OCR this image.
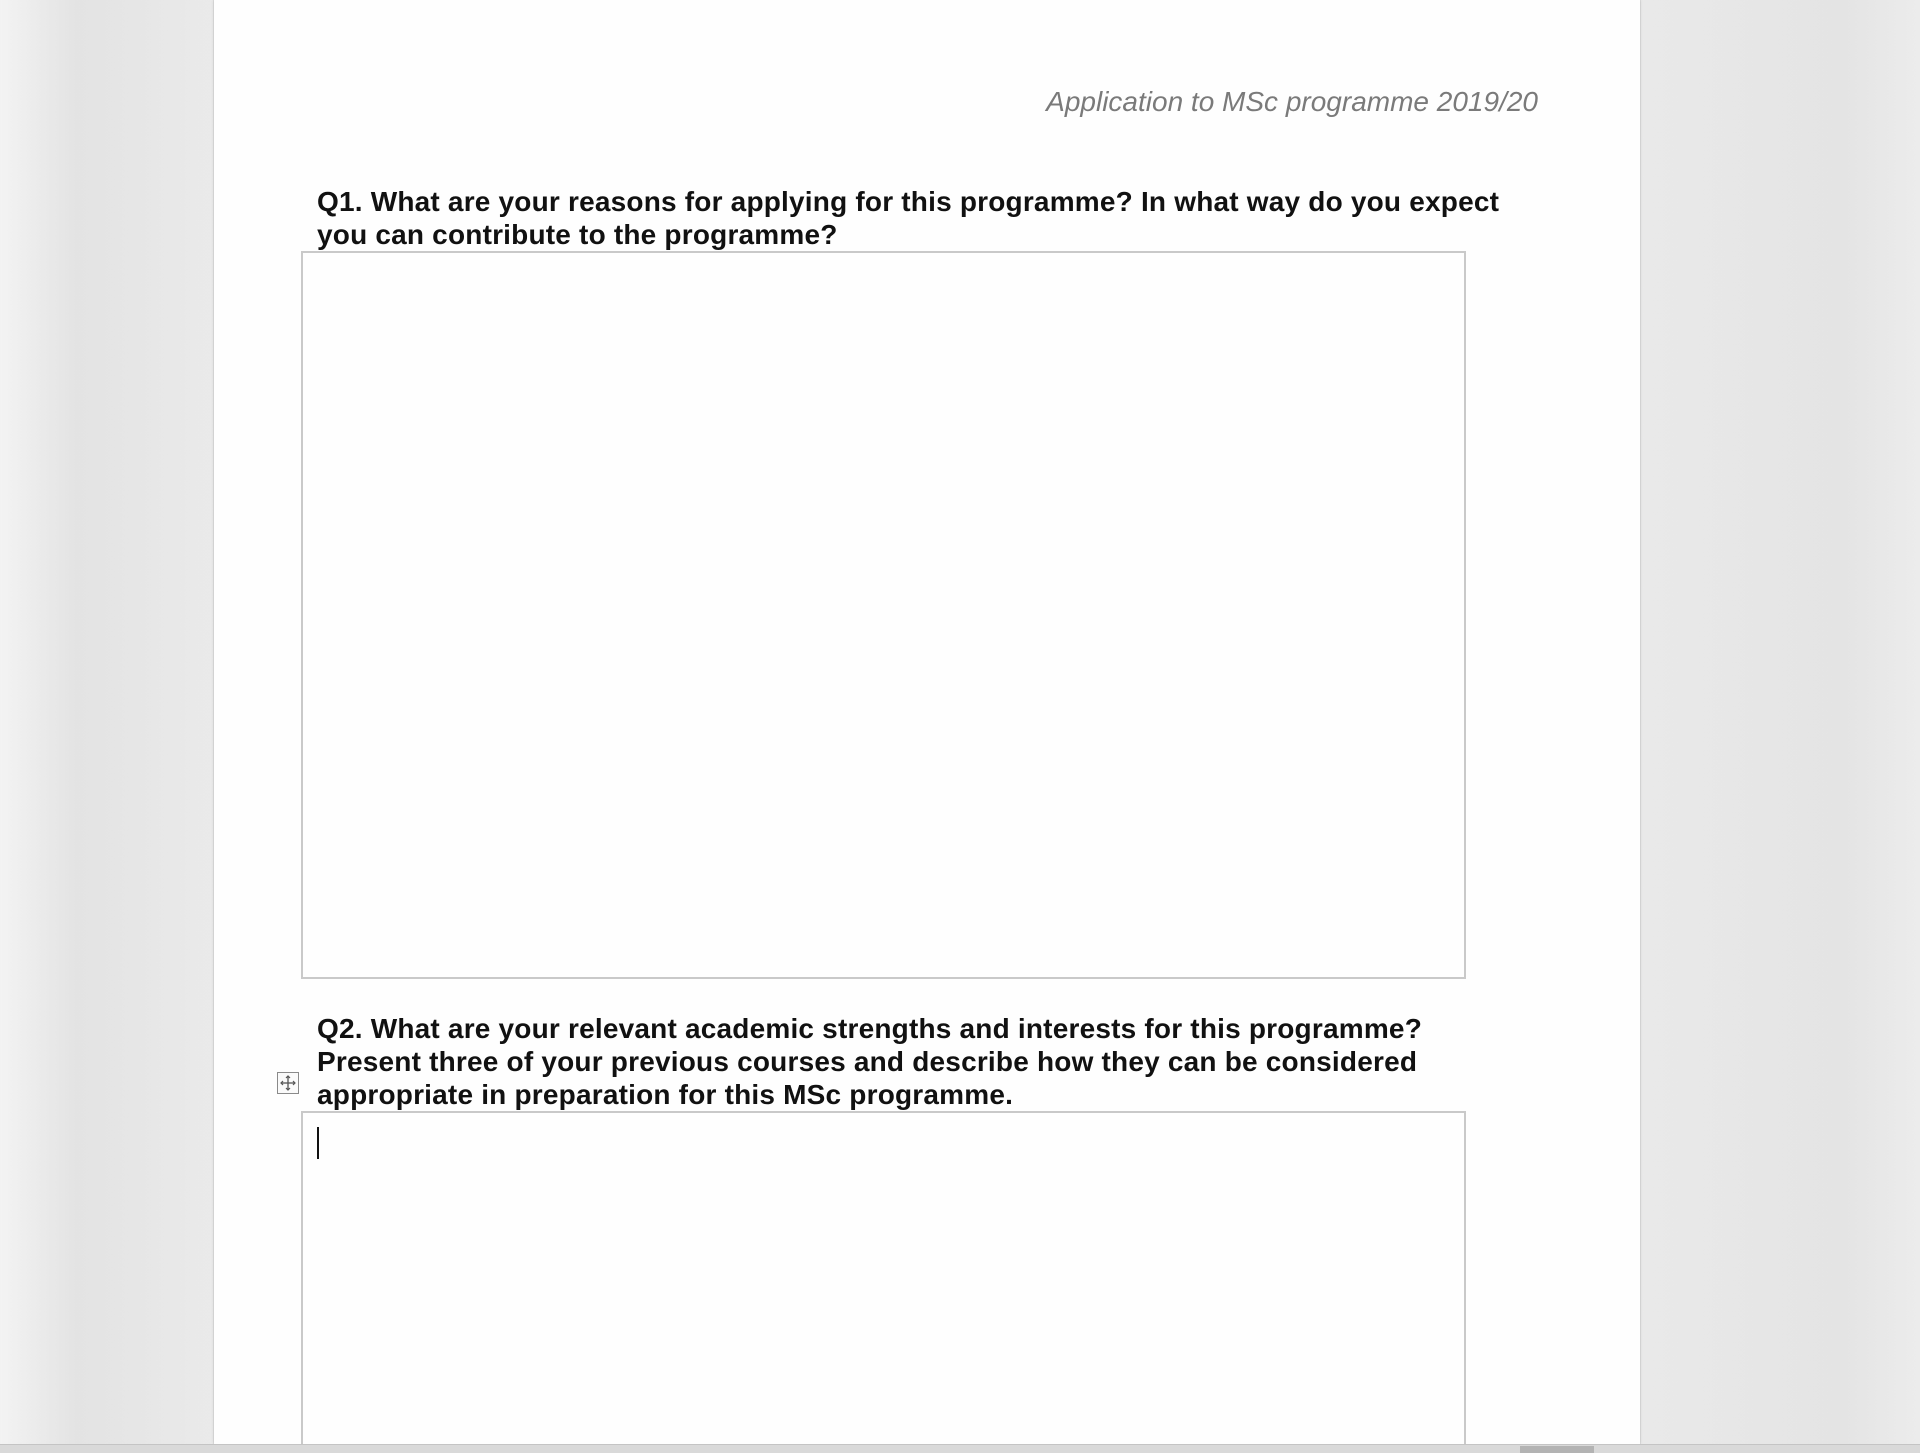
Application to MSc programme 2019/20
Q1. What are your reasons for applying for this programme? In what way do you expect
you can contribute to the programme?
Q2. What are your relevant academic strengths and interests for this programme?
Present three of your previous courses and describe how they can be considered
appropriate in preparation for this MSc programme.
